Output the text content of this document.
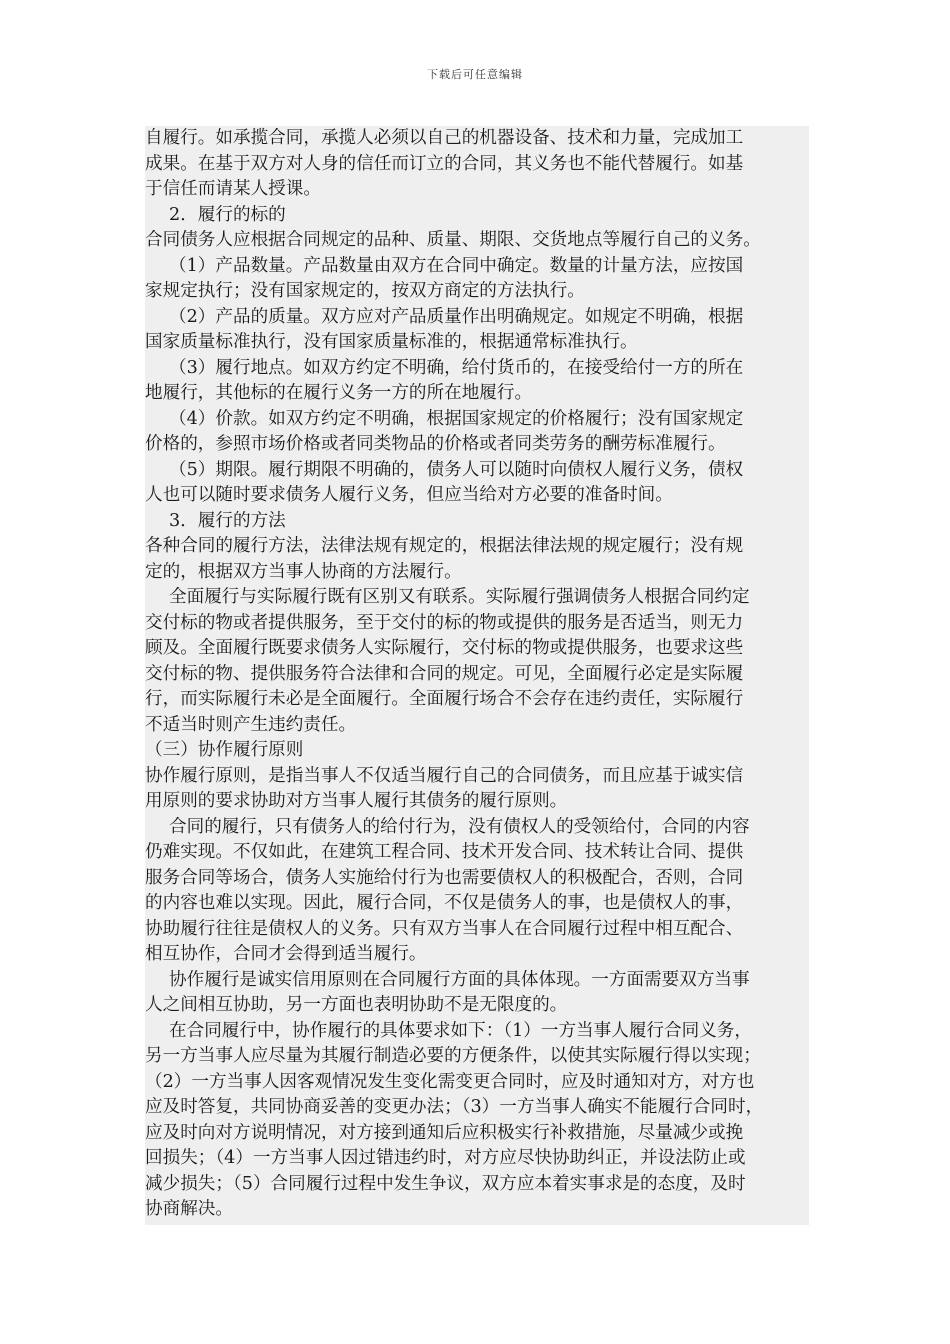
下载后可任意编辑
自履行。如承揽合同，承揽人必须以自己的机器设备、技术和力量，完成加工
成果。在基于双方对人身的信任而订立的合同，其义务也不能代替履行。如基
于信任而请某人授课。
2．履行的标的
合同债务人应根据合同规定的品种、质量、期限、交货地点等履行自己的义务。
（1）产品数量。产品数量由双方在合同中确定。数量的计量方法，应按国
家规定执行；没有国家规定的，按双方商定的方法执行。
（2）产品的质量。双方应对产品质量作出明确规定。如规定不明确，根据
国家质量标准执行，没有国家质量标准的，根据通常标准执行。
（3）履行地点。如双方约定不明确，给付货币的，在接受给付一方的所在
地履行，其他标的在履行义务一方的所在地履行。
（4）价款。如双方约定不明确，根据国家规定的价格履行；没有国家规定
价格的，参照市场价格或者同类物品的价格或者同类劳务的酬劳标准履行。
（5）期限。履行期限不明确的，债务人可以随时向债权人履行义务，债权
人也可以随时要求债务人履行义务，但应当给对方必要的准备时间。
3．履行的方法
各种合同的履行方法，法律法规有规定的，根据法律法规的规定履行；没有规
定的，根据双方当事人协商的方法履行。
全面履行与实际履行既有区别又有联系。实际履行强调债务人根据合同约定
交付标的物或者提供服务，至于交付的标的物或提供的服务是否适当，则无力
顾及。全面履行既要求债务人实际履行，交付标的物或提供服务，也要求这些
交付标的物、提供服务符合法律和合同的规定。可见，全面履行必定是实际履
行，而实际履行未必是全面履行。全面履行场合不会存在违约责任，实际履行
不适当时则产生违约责任。
（三）协作履行原则
协作履行原则，是指当事人不仅适当履行自己的合同债务，而且应基于诚实信
用原则的要求协助对方当事人履行其债务的履行原则。
合同的履行，只有债务人的给付行为，没有债权人的受领给付，合同的内容
仍难实现。不仅如此，在建筑工程合同、技术开发合同、技术转让合同、提供
服务合同等场合，债务人实施给付行为也需要债权人的积极配合，否则，合同
的内容也难以实现。因此，履行合同，不仅是债务人的事，也是债权人的事，
协助履行往往是债权人的义务。只有双方当事人在合同履行过程中相互配合、
相互协作，合同才会得到适当履行。
协作履行是诚实信用原则在合同履行方面的具体体现。一方面需要双方当事
人之间相互协助，另一方面也表明协助不是无限度的。
在合同履行中，协作履行的具体要求如下：（1）一方当事人履行合同义务，
另一方当事人应尽量为其履行制造必要的方便条件，以使其实际履行得以实现；
（2）一方当事人因客观情况发生变化需变更合同时，应及时通知对方，对方也
应及时答复，共同协商妥善的变更办法；（3）一方当事人确实不能履行合同时，
应及时向对方说明情况，对方接到通知后应积极实行补救措施，尽量减少或挽
回损失；（4）一方当事人因过错违约时，对方应尽快协助纠正，并设法防止或
减少损失；（5）合同履行过程中发生争议，双方应本着实事求是的态度，及时
协商解决。
